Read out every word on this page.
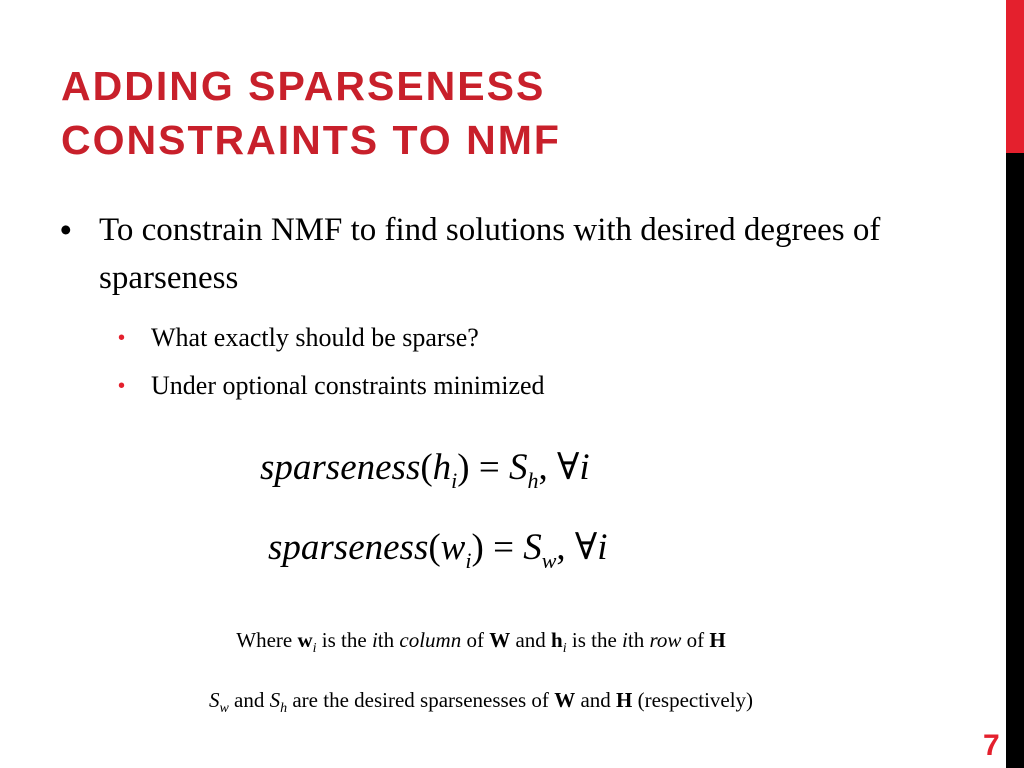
ADDING SPARSENESS
CONSTRAINTS TO NMF
• To constrain NMF to find solutions with desired degrees of sparseness
• What exactly should be sparse?
• Under optional constraints minimized
$sparseness(h_i) = S_h$, ∀i
$sparseness(w_i) = S_w$, ∀i
Where $w_i$ is the ith column of W and $h_i$ is the ith row of H
$S_w$ and $S_h$ are the desired sparsenesses of W and H (respectively)
7
